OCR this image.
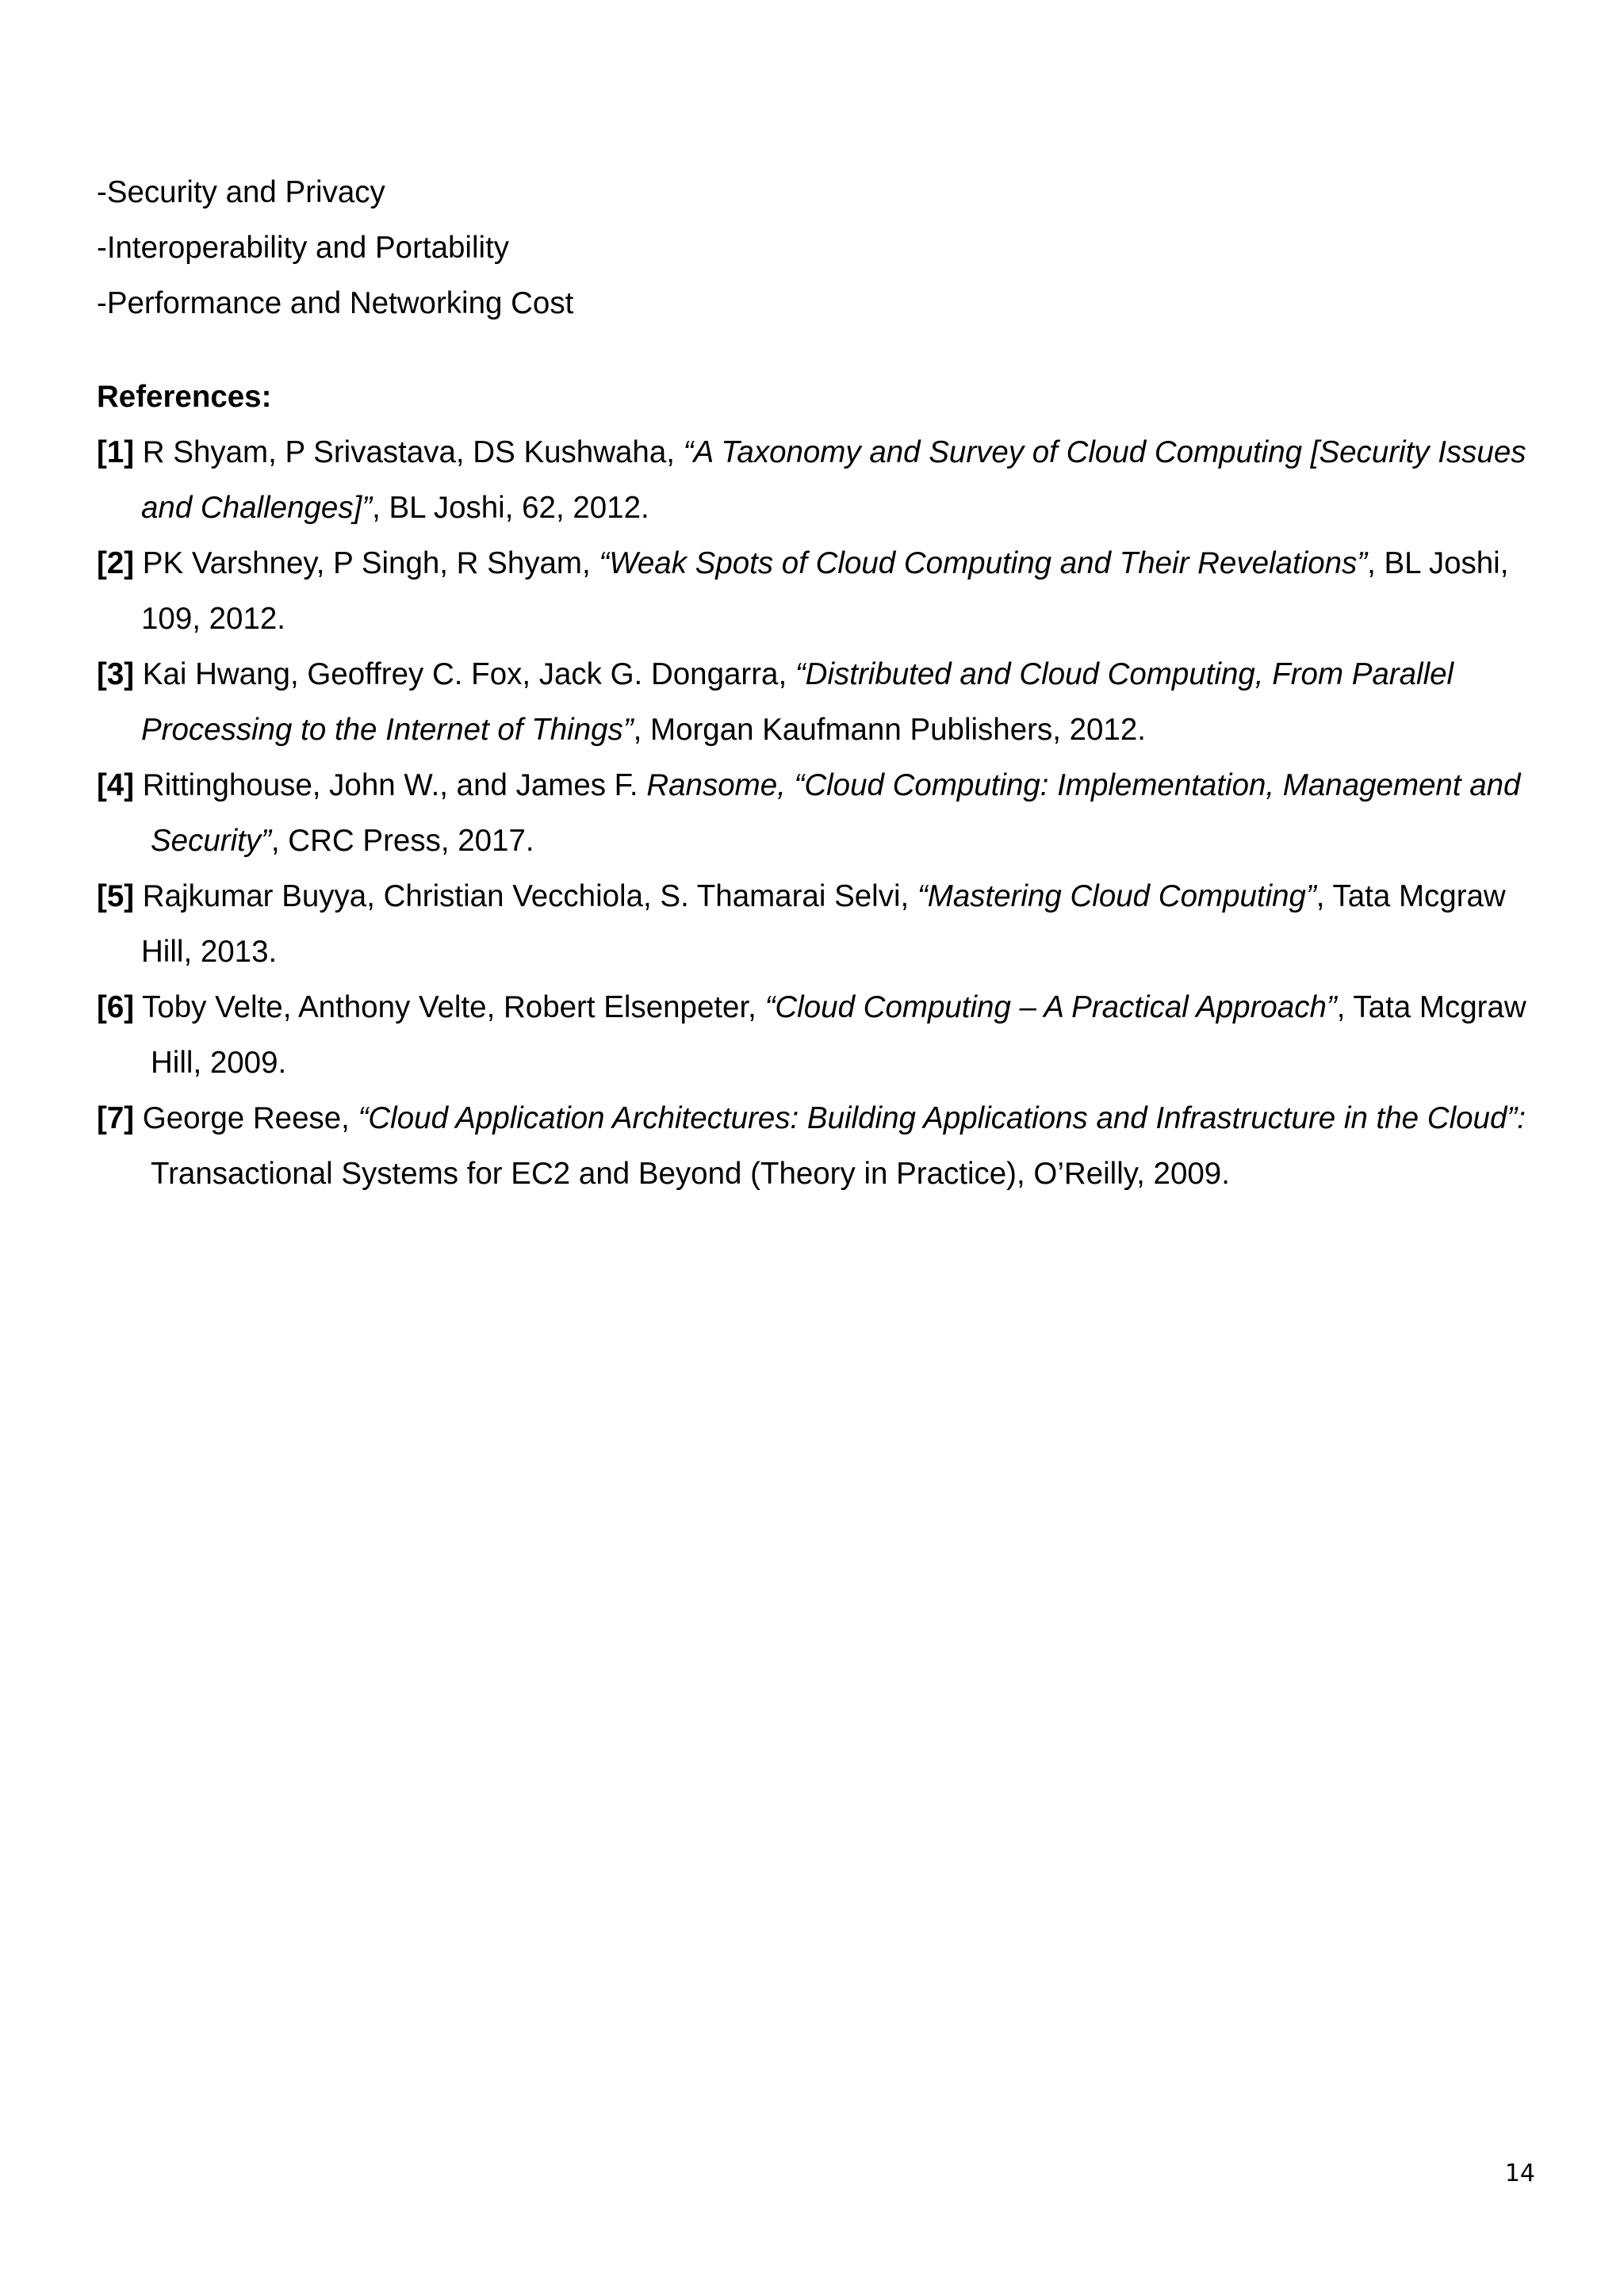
-Security and Privacy
-Interoperability and Portability
-Performance and Networking Cost
References:
[1] R Shyam, P Srivastava, DS Kushwaha, “A Taxonomy and Survey of Cloud Computing [Security Issues and Challenges]”, BL Joshi, 62, 2012.
[2] PK Varshney, P Singh, R Shyam, “Weak Spots of Cloud Computing and Their Revelations”, BL Joshi, 109, 2012.
[3] Kai Hwang, Geoffrey C. Fox, Jack G. Dongarra, “Distributed and Cloud Computing, From Parallel Processing to the Internet of Things”, Morgan Kaufmann Publishers, 2012.
[4] Rittinghouse, John W., and James F. Ransome, “Cloud Computing: Implementation, Management and Security”, CRC Press, 2017.
[5] Rajkumar Buyya, Christian Vecchiola, S. Thamarai Selvi, “Mastering Cloud Computing”, Tata Mcgraw Hill, 2013.
[6] Toby Velte, Anthony Velte, Robert Elsenpeter, “Cloud Computing – A Practical Approach”, Tata Mcgraw Hill, 2009.
[7] George Reese, “Cloud Application Architectures: Building Applications and Infrastructure in the Cloud”: Transactional Systems for EC2 and Beyond (Theory in Practice), O’Reilly, 2009.
14
